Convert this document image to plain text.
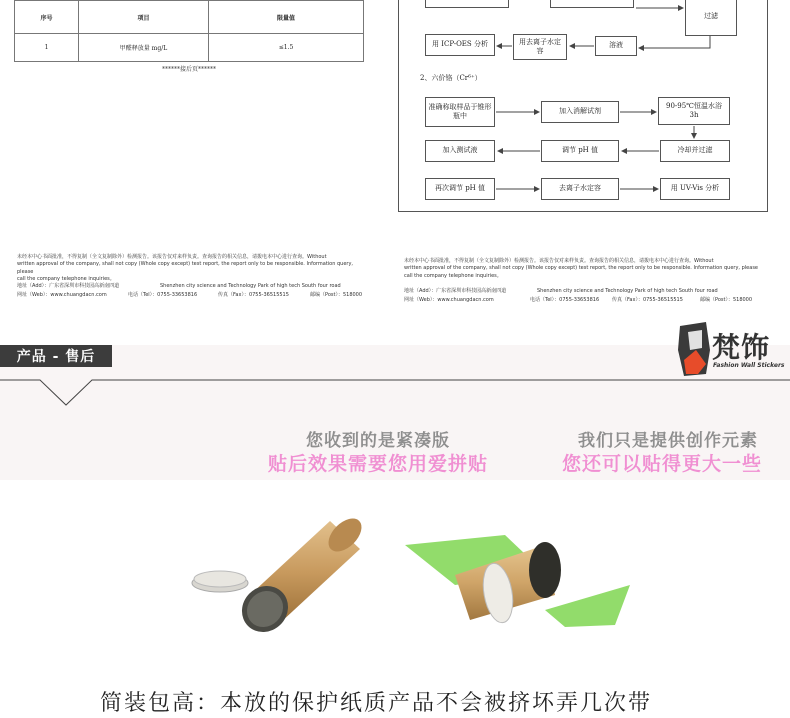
序号	项目	限量值
1	甲醛释放量 mg/L	≤1.5
******接后页******
未经本中心书面批准，不得复制（全文复制除外）检测报告。该报告仅对来样负责。查询报告的相关信息，请拨电本中心进行查询。Without
written approval of the company, shall not copy (Whole copy except) test report, the report only to be responsible. Information query, please
call the company telephone inquiries。
地址（Add）：广东省深圳市科技园高新南四道	Shenzhen city science and Technology Park of high tech South four road
网址（Web）：www.chuangdacn.com	电话（Tel）：0755-33653816	传真（Fax）：0755-36515515	邮编（Post）：518000
过滤
用 ICP-OES 分析	用去离子水定容
溶液
2、六价铬（Cr⁶⁺）
准确称取样品于锥形瓶中
加入消解试剂
90-95℃恒温水浴 3h
加入测试液	调节 pH 值	冷却并过滤
再次调节 pH 值	去离子水定容	用 UV-Vis 分析
未经本中心书面批准，不得复制（全文复制除外）检测报告。该报告仅对来样负责。查询报告的相关信息，请拨电本中心进行查询。Without
written approval of the company, shall not copy (Whole copy except) test report, the report only to be responsible. Information query, please
call the company telephone inquiries。
地址（Add）：广东省深圳市科技园高新南四道	Shenzhen city science and Technology Park of high tech South four road
网址（Web）：www.chuangdacn.com	电话（Tel）：0755-33653816	传真（Fax）：0755-36515515	邮编（Post）：518000
产品 - 售后	梵饰
Fashion Wall Stickers
您收到的是紧凑版
贴后效果需要您用爱拼贴
我们只是提供创作元素
您还可以贴得更大一些
简装包高：本放的保护纸质产品不会被挤坏弄几次带
